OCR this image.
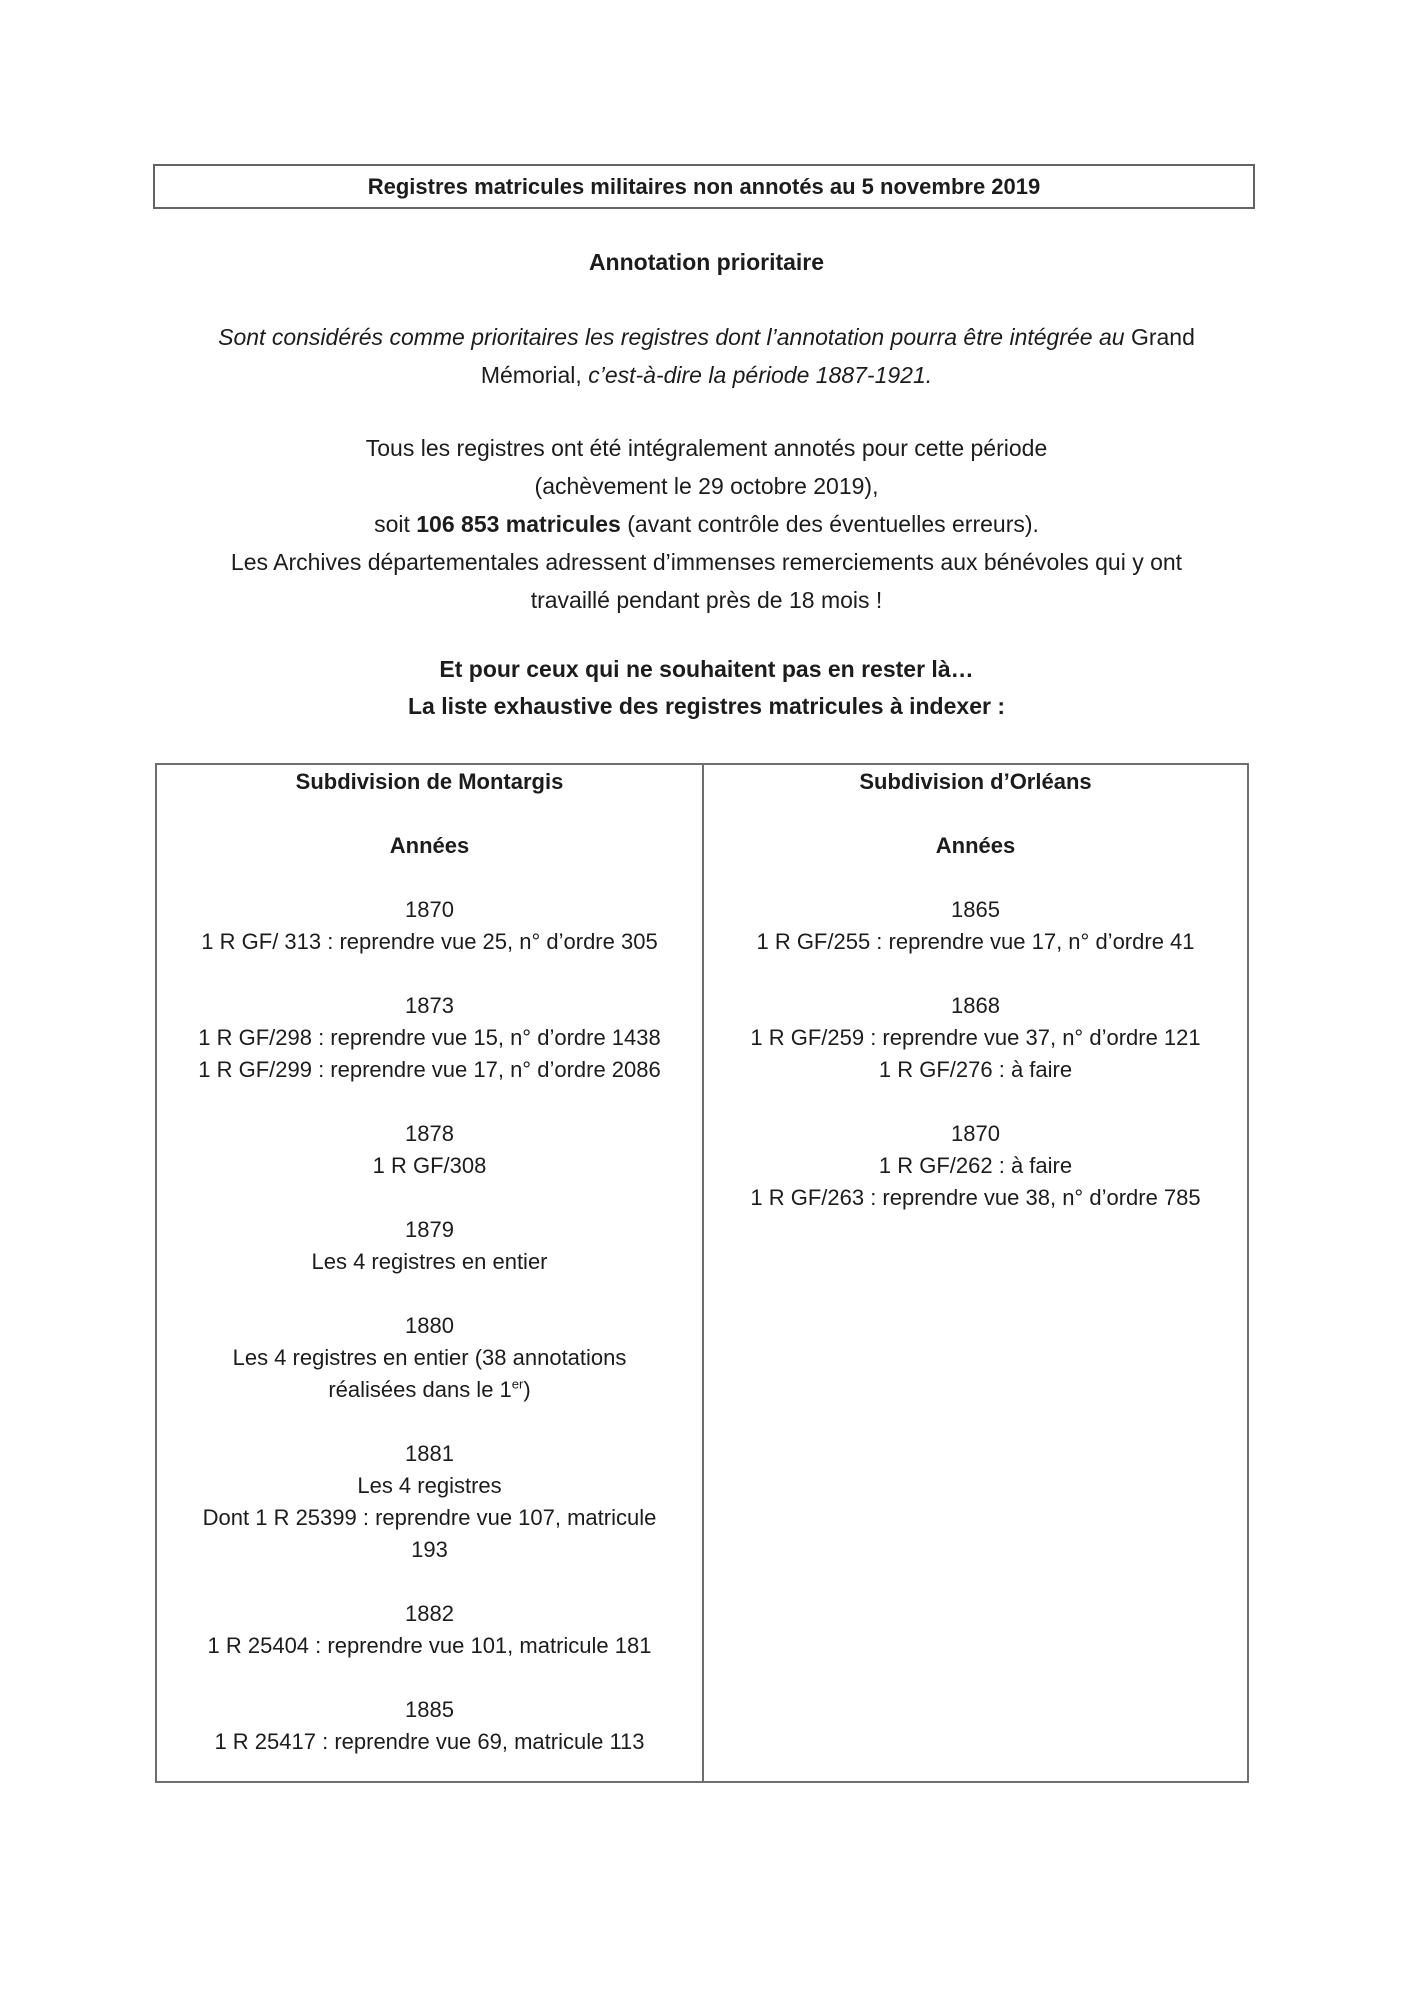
Registres matricules militaires non annotés au 5 novembre 2019
Annotation prioritaire
Sont considérés comme prioritaires les registres dont l’annotation pourra être intégrée au Grand
Mémorial, c’est-à-dire la période 1887-1921.
Tous les registres ont été intégralement annotés pour cette période
(achèvement le 29 octobre 2019),
soit 106 853 matricules (avant contrôle des éventuelles erreurs).
Les Archives départementales adressent d’immenses remerciements aux bénévoles qui y ont
travaillé pendant près de 18 mois !
Et pour ceux qui ne souhaitent pas en rester là…
La liste exhaustive des registres matricules à indexer :
Subdivision de Montargis
Années
1870
1 R GF/ 313 : reprendre vue 25, n° d’ordre 305
1873
1 R GF/298 : reprendre vue 15, n° d’ordre 1438
1 R GF/299 : reprendre vue 17, n° d’ordre 2086
1878
1 R GF/308
1879
Les 4 registres en entier
1880
Les 4 registres en entier (38 annotations
réalisées dans le 1er)
1881
Les 4 registres
Dont 1 R 25399 : reprendre vue 107, matricule
193
1882
1 R 25404 : reprendre vue 101, matricule 181
1885
1 R 25417 : reprendre vue 69, matricule 113
Subdivision d’Orléans
Années
1865
1 R GF/255 : reprendre vue 17, n° d’ordre 41
1868
1 R GF/259 : reprendre vue 37, n° d’ordre 121
1 R GF/276 : à faire
1870
1 R GF/262 : à faire
1 R GF/263 : reprendre vue 38, n° d’ordre 785
